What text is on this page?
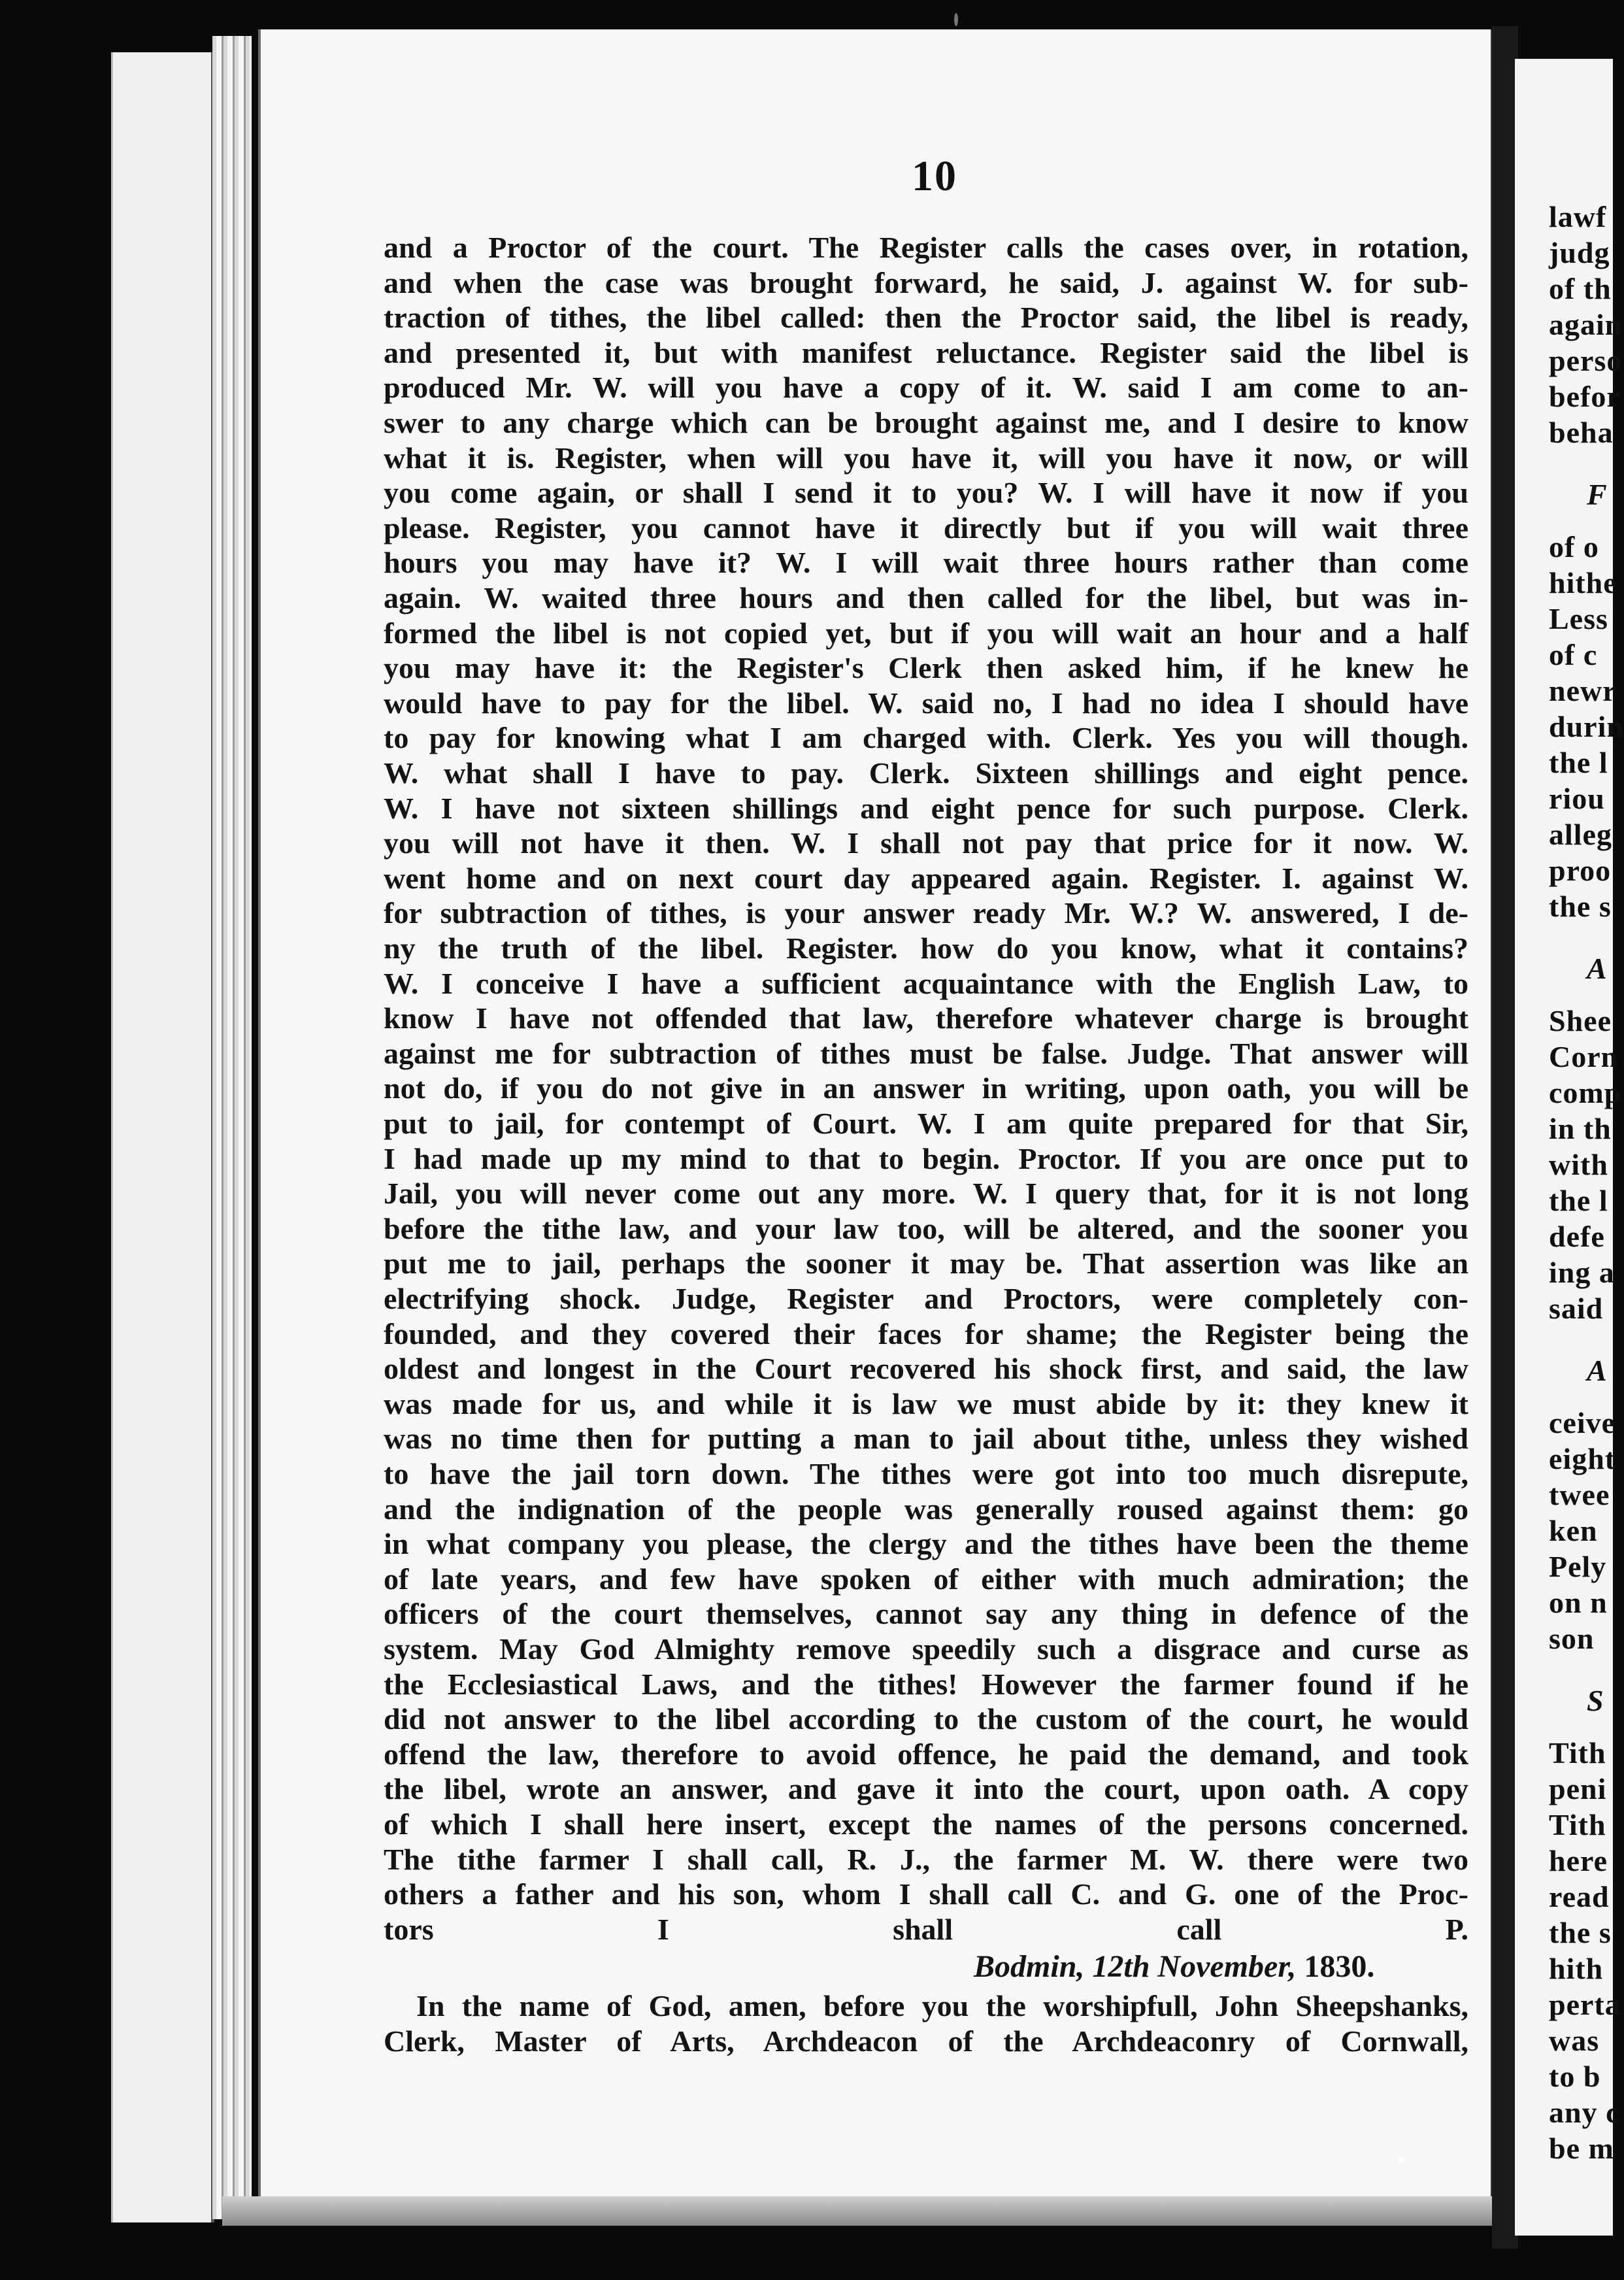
lawf
judg
of th
again
perso
befor
beha
F
of o
hithe
Less
of c
newr
durin
the l
riou
alleg
proo
the s
A
Shee
Corn
comp
in th
with
the l
defe
ing a
said
A
ceive
eight
twee
ken
Pely
on n
son
S
Tith
peni
Tith
here
read
the s
hith
perta
was
to b
any c
be m
10
and a Proctor of the court. The Register calls the cases over, in rotation,
and when the case was brought forward, he said, J. against W. for sub-
traction of tithes, the libel called: then the Proctor said, the libel is ready,
and presented it, but with manifest reluctance. Register said the libel is
produced Mr. W. will you have a copy of it. W. said I am come to an-
swer to any charge which can be brought against me, and I desire to know
what it is. Register, when will you have it, will you have it now, or will
you come again, or shall I send it to you? W. I will have it now if you
please. Register, you cannot have it directly but if you will wait three
hours you may have it? W. I will wait three hours rather than come
again. W. waited three hours and then called for the libel, but was in-
formed the libel is not copied yet, but if you will wait an hour and a half
you may have it: the Register's Clerk then asked him, if he knew he
would have to pay for the libel. W. said no, I had no idea I should have
to pay for knowing what I am charged with. Clerk. Yes you will though.
W. what shall I have to pay. Clerk. Sixteen shillings and eight pence.
W. I have not sixteen shillings and eight pence for such purpose. Clerk.
you will not have it then. W. I shall not pay that price for it now. W.
went home and on next court day appeared again. Register. I. against W.
for subtraction of tithes, is your answer ready Mr. W.? W. answered, I de-
ny the truth of the libel. Register. how do you know, what it contains?
W. I conceive I have a sufficient acquaintance with the English Law, to
know I have not offended that law, therefore whatever charge is brought
against me for subtraction of tithes must be false. Judge. That answer will
not do, if you do not give in an answer in writing, upon oath, you will be
put to jail, for contempt of Court. W. I am quite prepared for that Sir,
I had made up my mind to that to begin. Proctor. If you are once put to
Jail, you will never come out any more. W. I query that, for it is not long
before the tithe law, and your law too, will be altered, and the sooner you
put me to jail, perhaps the sooner it may be. That assertion was like an
electrifying shock. Judge, Register and Proctors, were completely con-
founded, and they covered their faces for shame; the Register being the
oldest and longest in the Court recovered his shock first, and said, the law
was made for us, and while it is law we must abide by it: they knew it
was no time then for putting a man to jail about tithe, unless they wished
to have the jail torn down. The tithes were got into too much disrepute,
and the indignation of the people was generally roused against them: go
in what company you please, the clergy and the tithes have been the theme
of late years, and few have spoken of either with much admiration; the
officers of the court themselves, cannot say any thing in defence of the
system. May God Almighty remove speedily such a disgrace and curse as
the Ecclesiastical Laws, and the tithes! However the farmer found if he
did not answer to the libel according to the custom of the court, he would
offend the law, therefore to avoid offence, he paid the demand, and took
the libel, wrote an answer, and gave it into the court, upon oath. A copy
of which I shall here insert, except the names of the persons concerned.
The tithe farmer I shall call, R. J., the farmer M. W. there were two
others a father and his son, whom I shall call C. and G. one of the Proc-
tors I shall call P.
Bodmin, 12th November, 1830.
In the name of God, amen, before you the worshipfull, John Sheepshanks,
Clerk, Master of Arts, Archdeacon of the Archdeaconry of Cornwall,
